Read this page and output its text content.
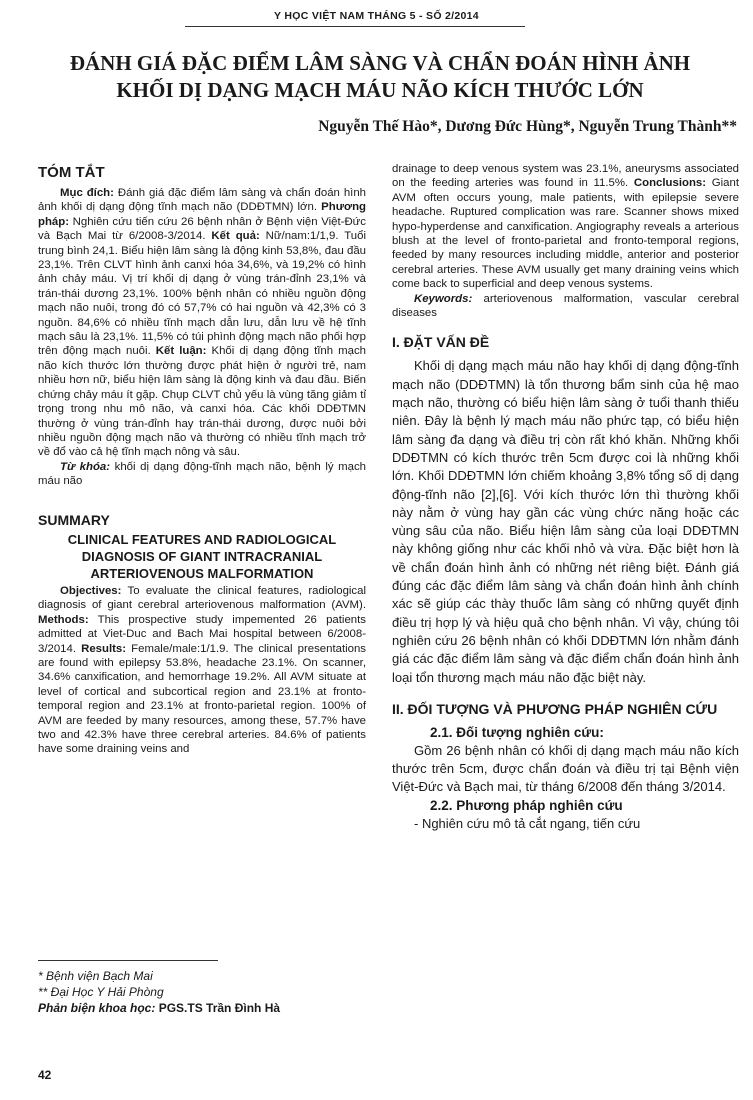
Y HỌC VIỆT NAM THÁNG 5 - SỐ 2/2014
ĐÁNH GIÁ ĐẶC ĐIỂM LÂM SÀNG VÀ CHẨN ĐOÁN HÌNH ẢNH
KHỐI DỊ DẠNG MẠCH MÁU NÃO KÍCH THƯỚC LỚN
Nguyễn Thế Hào*, Dương Đức Hùng*, Nguyễn Trung Thành**
TÓM TẮT

Mục đích: Đánh giá đặc điểm lâm sàng và chẩn đoán hình ảnh khối dị dạng động tĩnh mạch não (DDĐTMN) lớn. Phương pháp: Nghiên cứu tiến cứu 26 bệnh nhân ở Bệnh viện Việt-Đức và Bạch Mai từ 6/2008-3/2014. Kết quả: Nữ/nam:1/1,9. Tuổi trung bình 24,1. Biểu hiện lâm sàng là động kinh 53,8%, đau đầu 23,1%. Trên CLVT hình ảnh canxi hóa 34,6%, và 19,2% có hình ảnh chảy máu. Vị trí khối dị dạng ở vùng trán-đỉnh 23,1% và trán-thái dương 23,1%. 100% bệnh nhân có nhiều nguồn động mạch não nuôi, trong đó có 57,7% có hai nguồn và 42,3% có 3 nguồn. 84,6% có nhiều tĩnh mạch dẫn lưu, dẫn lưu về hệ tĩnh mạch sâu là 23,1%. 11,5% có túi phình động mạch não phối hợp trên động mạch nuôi. Kết luận: Khối dị dạng động tĩnh mạch não kích thước lớn thường được phát hiện ở người trẻ, nam nhiều hơn nữ, biểu hiện lâm sàng là động kinh và đau đầu. Biến chứng chảy máu ít gặp. Chụp CLVT chủ yếu là vùng tăng giảm tỉ trọng trong nhu mô não, và canxi hóa. Các khối DDĐTMN thường ở vùng trán-đỉnh hay trán-thái dương, được nuôi bởi nhiều nguồn động mạch não và thường có nhiều tĩnh mạch trở về đổ vào cả hệ tĩnh mạch nông và sâu.

Từ khóa: khối dị dạng động-tĩnh mạch não, bệnh lý mạch máu não

SUMMARY
CLINICAL FEATURES AND RADIOLOGICAL DIAGNOSIS OF GIANT INTRACRANIAL ARTERIOVENOUS MALFORMATION

Objectives: To evaluate the clinical features, radiological diagnosis of giant cerebral arteriovenous malformation (AVM). Methods: This prospective study impemented 26 patients admitted at Viet-Duc and Bach Mai hospital between 6/2008-3/2014. Results: Female/male:1/1.9. The clinical presentations are found with epilepsy 53.8%, headache 23.1%. On scanner, 34.6% canxification, and hemorrhage 19.2%. All AVM situate at level of cortical and subcortical region and 23.1% at fronto-temporal region and 23.1% at fronto-parietal region. 100% of AVM are feeded by many resources, among these, 57.7% have two and 42.3% have three cerebral arteries. 84.6% of patients have some draining veins and

* Bệnh viện Bạch Mai
** Đại Học Y Hải Phòng
Phản biện khoa học: PGS.TS Trần Đình Hà

drainage to deep venous system was 23.1%, aneurysms associated on the feeding arteries was found in 11.5%. Conclusions: Giant AVM often occurs young, male patients, with epilepsie severe headache. Ruptured complication was rare. Scanner shows mixed hypo-hyperdense and canxification. Angiography reveals a arterious blush at the level of fronto-parietal and fronto-temporal regions, feeded by many resources including middle, anterior and posterior cerebral arteries. These AVM usually get many draining veins which come back to superficial and deep venous systems.

Keywords: arteriovenous malformation, vascular cerebral diseases

I. ĐẶT VẤN ĐỀ

Khối dị dạng mạch máu não hay khối dị dạng động-tĩnh mạch não (DDĐTMN) là tổn thương bẩm sinh của hệ mao mạch não, thường có biểu hiện lâm sàng ở tuổi thanh thiếu niên. Đây là bệnh lý mạch máu não phức tạp, có biểu hiện lâm sàng đa dạng và điều trị còn rất khó khăn. Những khối DDĐTMN có kích thước trên 5cm được coi là những khối lớn. Khối DDĐTMN lớn chiếm khoảng 3,8% tổng số dị dạng động-tĩnh não [2],[6]. Với kích thước lớn thì thường khối này nằm ở vùng hay gần các vùng chức năng hoặc các vùng sâu của não. Biểu hiện lâm sàng của loại DDĐTMN này không giống như các khối nhỏ và vừa. Đặc biệt hơn là về chẩn đoán hình ảnh có những nét riêng biệt. Đánh giá đúng các đặc điểm lâm sàng và chẩn đoán hình ảnh chính xác sẽ giúp các thày thuốc lâm sàng có những quyết định điều trị hợp lý và hiệu quả cho bệnh nhân. Vì vậy, chúng tôi nghiên cứu 26 bệnh nhân có khối DDĐTMN lớn nhằm đánh giá các đặc điểm lâm sàng và đặc điểm chẩn đoán hình ảnh loại tổn thương mạch máu não đặc biệt này.

II. ĐỐI TƯỢNG VÀ PHƯƠNG PHÁP NGHIÊN CỨU
2.1. Đối tượng nghiên cứu:

Gồm 26 bệnh nhân có khối dị dạng mạch máu não kích thước trên 5cm, được chẩn đoán và điều trị tại Bệnh viện Việt-Đức và Bạch mai, từ tháng 6/2008 đến tháng 3/2014.

2.2. Phương pháp nghiên cứu

- Nghiên cứu mô tả cắt ngang, tiến cứu

42
